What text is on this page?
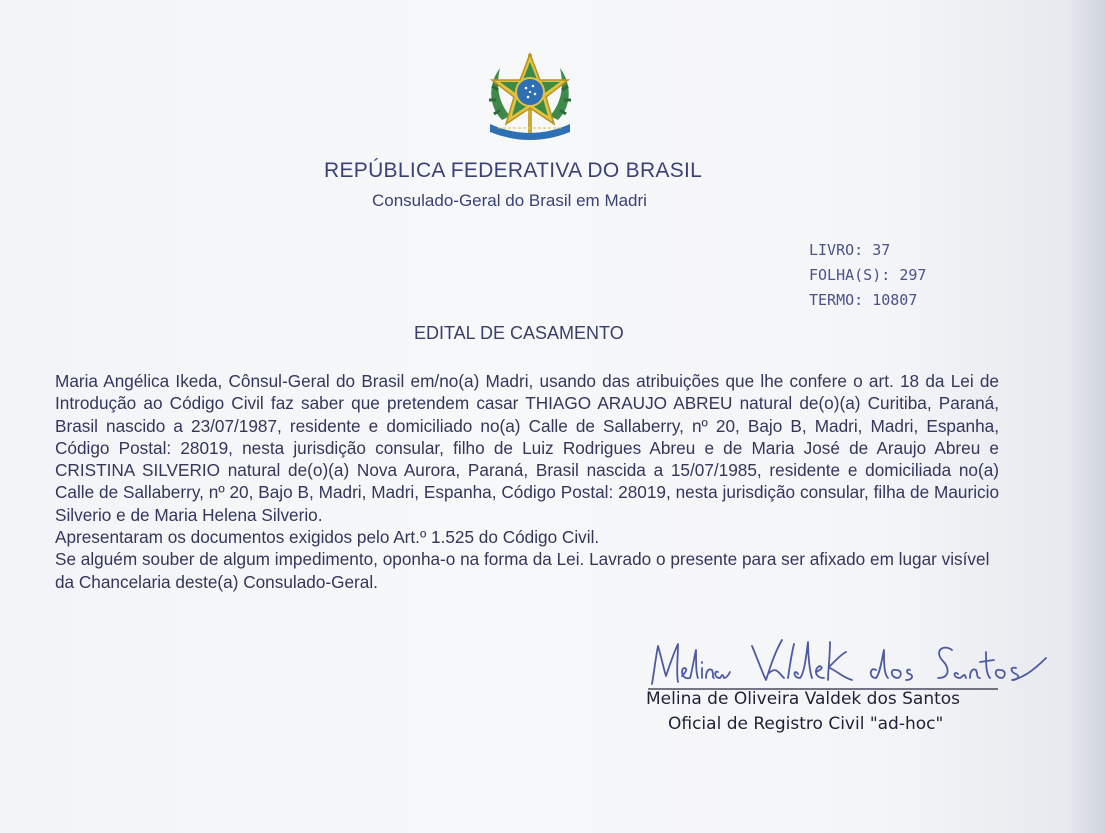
REPÚBLICA FEDERATIVA DO BRASIL
Consulado-Geral do Brasil em Madri
LIVRO: 37
FOLHA(S): 297
TERMO: 10807
EDITAL DE CASAMENTO

Maria Angélica Ikeda, Cônsul-Geral do Brasil em/no(a) Madri, usando das atribuições que lhe confere o art. 18 da Lei de Introdução ao Código Civil faz saber que pretendem casar THIAGO ARAUJO ABREU natural de(o)(a) Curitiba, Paraná, Brasil nascido a 23/07/1987, residente e domiciliado no(a) Calle de Sallaberry, nº 20, Bajo B, Madri, Madri, Espanha, Código Postal: 28019, nesta jurisdição consular, filho de Luiz Rodrigues Abreu e de Maria José de Araujo Abreu e CRISTINA SILVERIO natural de(o)(a) Nova Aurora, Paraná, Brasil nascida a 15/07/1985, residente e domiciliada no(a) Calle de Sallaberry, nº 20, Bajo B, Madri, Madri, Espanha, Código Postal: 28019, nesta jurisdição consular, filha de Mauricio Silverio e de Maria Helena Silverio.

Apresentaram os documentos exigidos pelo Art.º 1.525 do Código Civil.

Se alguém souber de algum impedimento, oponha-o na forma da Lei. Lavrado o presente para ser afixado em lugar visível da Chancelaria deste(a) Consulado-Geral.

Melina de Oliveira Valdek dos Santos
Oficial de Registro Civil "ad-hoc"
